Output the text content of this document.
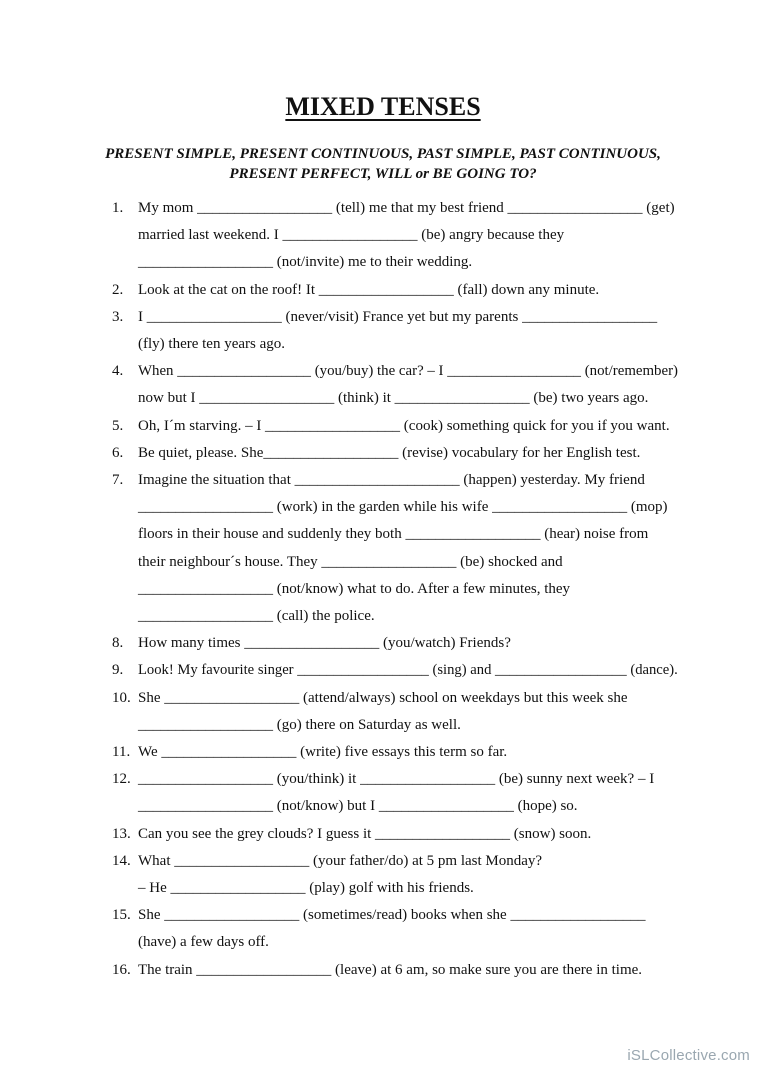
MIXED TENSES
PRESENT SIMPLE, PRESENT CONTINUOUS, PAST SIMPLE, PAST CONTINUOUS,
PRESENT PERFECT, WILL or BE GOING TO?
1. My mom __________________ (tell) me that my best friend __________________ (get)
married last weekend. I __________________ (be) angry because they
__________________ (not/invite) me to their wedding.
2. Look at the cat on the roof! It __________________ (fall) down any minute.
3. I __________________ (never/visit) France yet but my parents __________________
(fly) there ten years ago.
4. When __________________ (you/buy) the car? – I __________________ (not/remember)
now but I __________________ (think) it __________________ (be) two years ago.
5. Oh, I´m starving. – I __________________ (cook) something quick for you if you want.
6. Be quiet, please. She__________________ (revise) vocabulary for her English test.
7. Imagine the situation that ______________________ (happen) yesterday. My friend
__________________ (work) in the garden while his wife __________________ (mop)
floors in their house and suddenly they both __________________ (hear) noise from
their neighbour´s house. They __________________ (be) shocked and
__________________ (not/know) what to do. After a few minutes, they
__________________ (call) the police.
8. How many times __________________ (you/watch) Friends?
9. Look! My favourite singer __________________ (sing) and __________________ (dance).
10. She __________________ (attend/always) school on weekdays but this week she
__________________ (go) there on Saturday as well.
11. We __________________ (write) five essays this term so far.
12. __________________ (you/think) it __________________ (be) sunny next week? – I
__________________ (not/know) but I __________________ (hope) so.
13. Can you see the grey clouds? I guess it __________________ (snow) soon.
14. What __________________ (your father/do) at 5 pm last Monday?
– He __________________ (play) golf with his friends.
15. She __________________ (sometimes/read) books when she __________________
(have) a few days off.
16. The train __________________ (leave) at 6 am, so make sure you are there in time.
iSLCollective.com
